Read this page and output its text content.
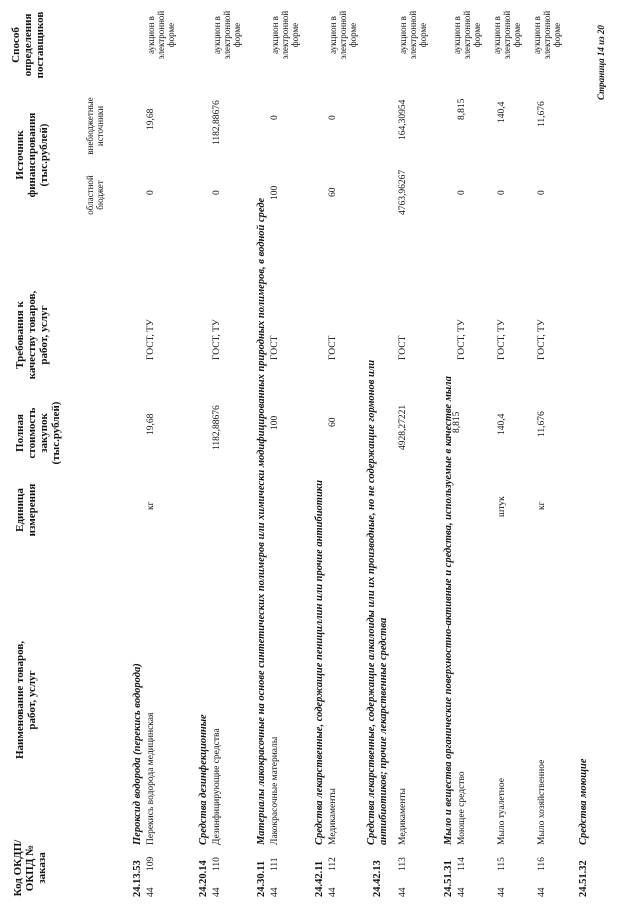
Код ОКДП/ ОКПД № заказа
Наименование товаров, работ, услуг
Единица измерения
Полная стоимость закупок (тыс.рублей)
Требования к качеству товаров, работ, услуг
Источник финансирования (тыс.рублей)
областной бюджет
внебюджетные источники
Способ определения поставщиков
24.13.53
Пероксид водорода (перекись водорода)
44
109
Перекись водорода медицинская
кг
19,68
ГОСТ, ТУ
0
19,68
аукцион в электронной форме
24.20.14
Средства дезинфекционные
44
110
Дезинфицирующие средства
1182,88676
ГОСТ, ТУ
0
1182,88676
аукцион в электронной форме
24.30.11
Материалы лакокрасочные на основе синтетических полимеров или химически модифицированных природных полимеров, в водной среде
44
111
Лакокрасочные материалы
100
ГОСТ
100
0
аукцион в электронной форме
24.42.11
Средства лекарственные, содержащие пенициллин или прочие антибиотики
44
112
Медикаменты
60
ГОСТ
60
0
аукцион в электронной форме
24.42.13
Средства лекарственные, содержащие алкалоиды или их производные, но не содержащие гормонов или антибиотиков; прочие лекарственные средства
44
113
Медикаменты
4928,27221
ГОСТ
4763,96267
164,30954
аукцион в электронной форме
24.51.31
Мыло и вещества органические поверхностно-активные и средства, используемые в качестве мыла
44
114
Моющее средство
8,815
ГОСТ, ТУ
0
8,815
аукцион в электронной форме
44
115
Мыло туалетное
штук
140,4
ГОСТ, ТУ
0
140,4
аукцион в электронной форме
44
116
Мыло хозяйственное
кг
11,676
ГОСТ, ТУ
0
11,676
аукцион в электронной форме
24.51.32
Средства моющие
Страница 14 из 20
